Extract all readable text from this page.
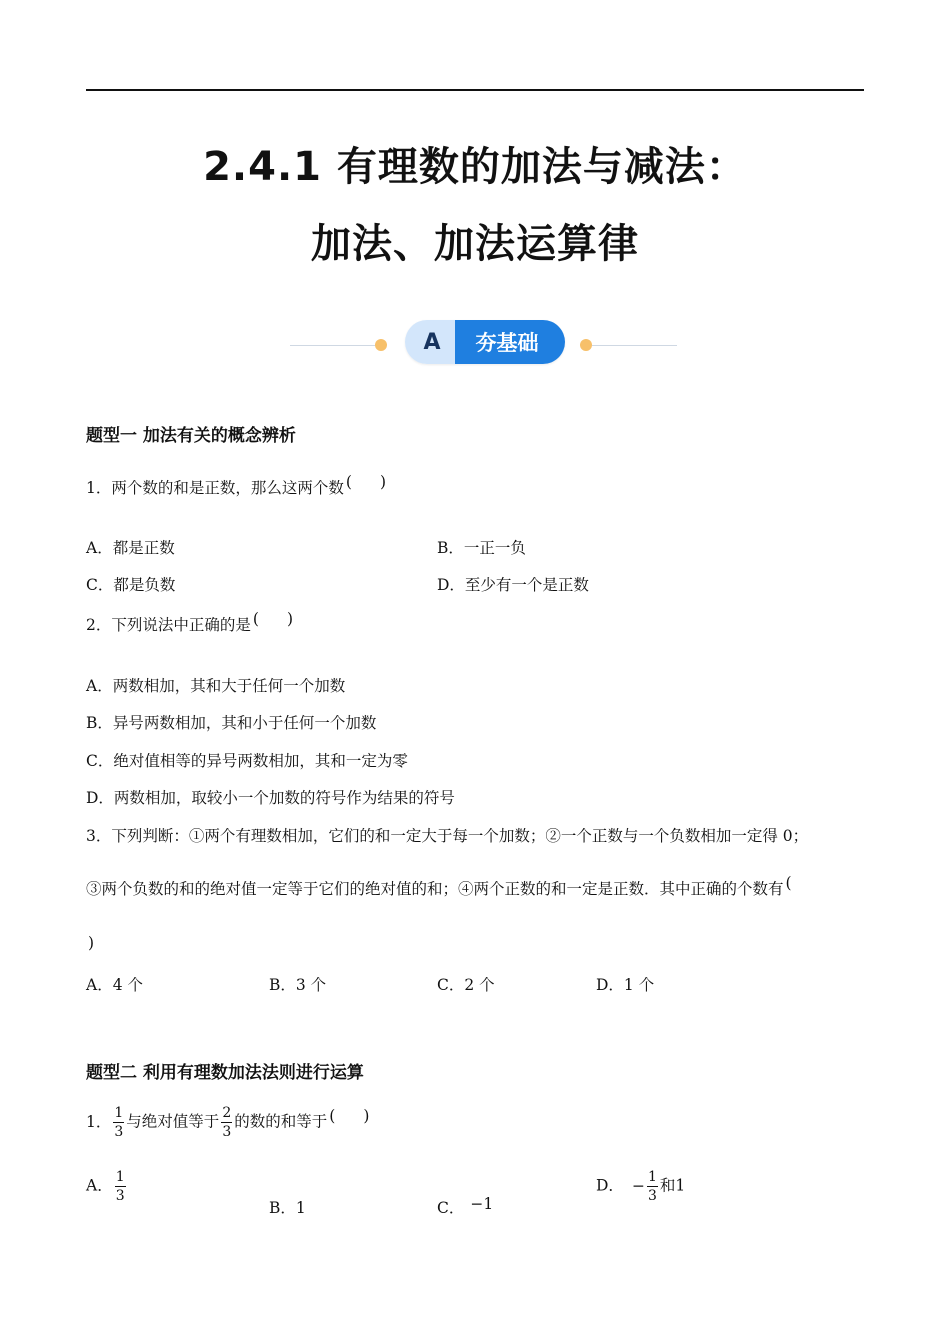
2.4.1 有理数的加法与减法：
加法、加法运算律
A	夯基础
题型一 加法有关的概念辨析
1．两个数的和是正数，那么这两个数 ( )
A．都是正数	B．一正一负
C．都是负数	D．至少有一个是正数
2．下列说法中正确的是 ( )
A．两数相加，其和大于任何一个加数
B．异号两数相加，其和小于任何一个加数
C．绝对值相等的异号两数相加，其和一定为零
D．两数相加，取较小一个加数的符号作为结果的符号
3．下列判断：①两个有理数相加，它们的和一定大于每一个加数；②一个正数与一个负数相加一定得 0；
③两个负数的和的绝对值一定等于它们的绝对值的和；④两个正数的和一定是正数．其中正确的个数有 (
)
A．4 个	B．3 个	C．2 个	D．1 个
题型二 利用有理数加法法则进行运算
1． $\frac{1}{3}$ 与绝对值等于 $\frac{2}{3}$ 的数的和等于 ( )
A． $\frac{1}{3}$
B．1	C． −1
D． − $\frac{1}{3}$ 和1
